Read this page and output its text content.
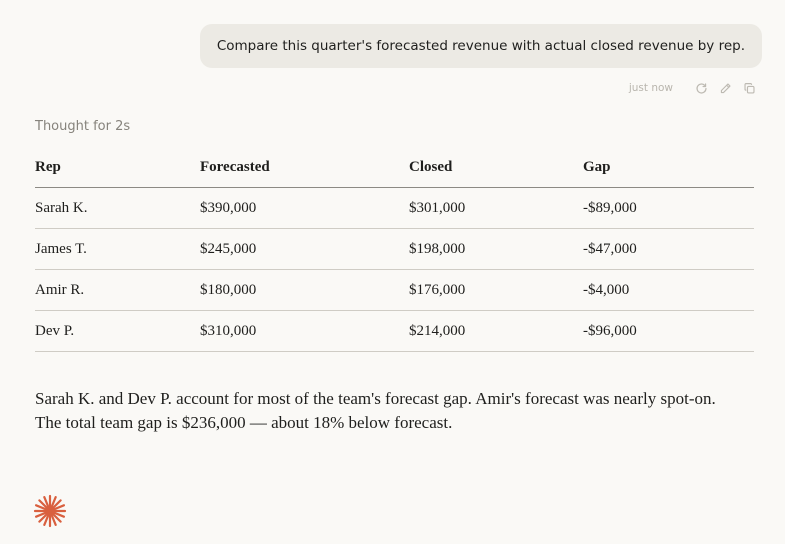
Compare this quarter's forecasted revenue with actual closed revenue by rep.
just now
Thought for 2s
Rep	Forecasted	Closed	Gap
Sarah K.	$390,000	$301,000	-$89,000
James T.	$245,000	$198,000	-$47,000
Amir R.	$180,000	$176,000	-$4,000
Dev P.	$310,000	$214,000	-$96,000

Sarah K. and Dev P. account for most of the team's forecast gap. Amir's forecast was nearly spot-on. The total team gap is $236,000 — about 18% below forecast.
